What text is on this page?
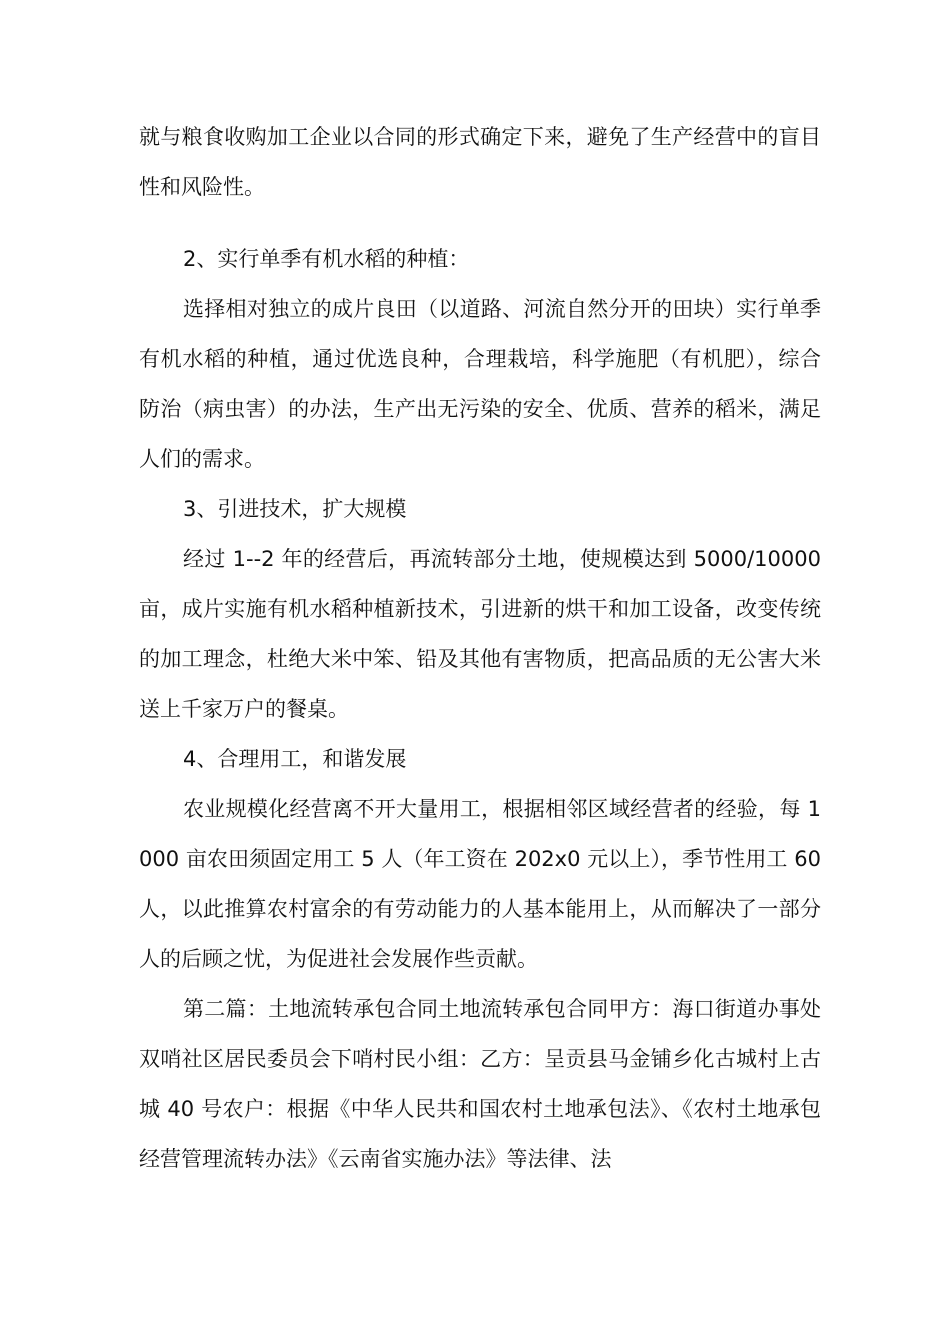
就与粮食收购加工企业以合同的形式确定下来，避免了生产经营中的盲目性和风险性。

2、实行单季有机水稻的种植：

选择相对独立的成片良田（以道路、河流自然分开的田块）实行单季有机水稻的种植，通过优选良种，合理栽培，科学施肥（有机肥），综合防治（病虫害）的办法，生产出无污染的安全、优质、营养的稻米，满足人们的需求。

3、引进技术，扩大规模

经过 1--2 年的经营后，再流转部分土地，使规模达到 5000/10000 亩，成片实施有机水稻种植新技术，引进新的烘干和加工设备，改变传统的加工理念，杜绝大米中笨、铅及其他有害物质，把高品质的无公害大米送上千家万户的餐桌。

4、合理用工，和谐发展

农业规模化经营离不开大量用工，根据相邻区域经营者的经验，每 1000 亩农田须固定用工 5 人（年工资在 202x0 元以上），季节性用工 60 人，以此推算农村富余的有劳动能力的人基本能用上，从而解决了一部分人的后顾之忧，为促进社会发展作些贡献。

第二篇：土地流转承包合同土地流转承包合同甲方：海口街道办事处双哨社区居民委员会下哨村民小组：乙方：呈贡县马金铺乡化古城村上古城 40 号农户：根据《中华人民共和国农村土地承包法》、《农村土地承包经营管理流转办法》《云南省实施办法》等法律、法
